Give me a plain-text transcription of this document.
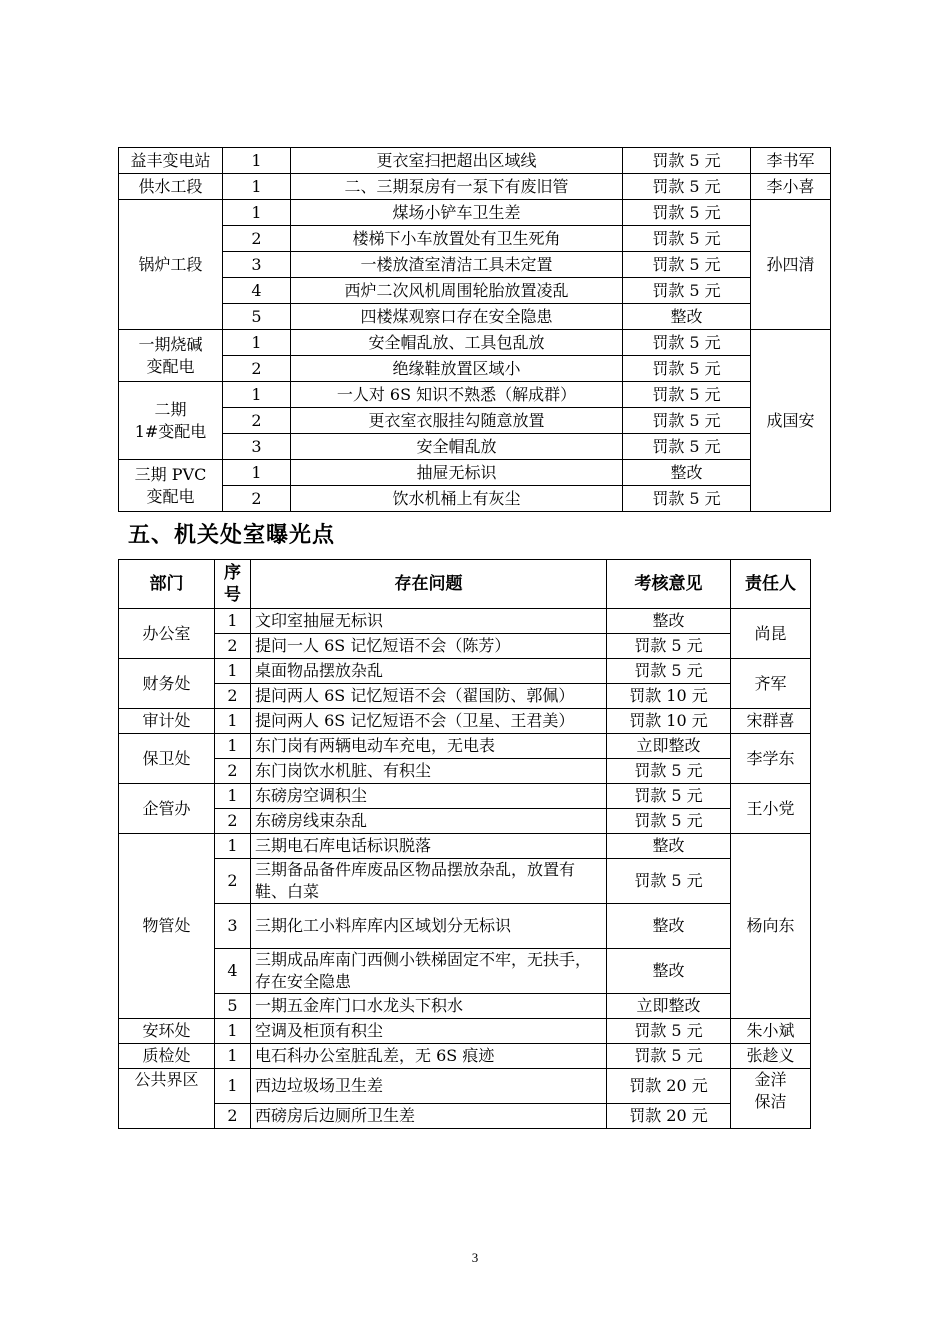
益丰变电站	1	更衣室扫把超出区域线	罚款 5 元	李书军
供水工段	1	二、三期泵房有一泵下有废旧管	罚款 5 元	李小喜
锅炉工段	1	煤场小铲车卫生差	罚款 5 元	孙四清
	2	楼梯下小车放置处有卫生死角	罚款 5 元	
	3	一楼放渣室清洁工具未定置	罚款 5 元	
	4	西炉二次风机周围轮胎放置凌乱	罚款 5 元	
	5	四楼煤观察口存在安全隐患	整改	

一期烧碱
变配电	1	安全帽乱放、工具包乱放	罚款 5 元	成国安
	2	绝缘鞋放置区域小	罚款 5 元	

二期
1#变配电	1	一人对 6S 知识不熟悉（解成群）	罚款 5 元	
	2	更衣室衣服挂勾随意放置	罚款 5 元	
	3	安全帽乱放	罚款 5 元	

三期 PVC
变配电	1	抽屉无标识	整改	
	2	饮水机桶上有灰尘	罚款 5 元	
五、机关处室曝光点
部门	序
号	存在问题	考核意见	责任人
办公室	1	文印室抽屉无标识	整改	尚昆
	2	提问一人 6S 记忆短语不会（陈芳）	罚款 5 元	
财务处	1	桌面物品摆放杂乱	罚款 5 元	齐军
	2	提问两人 6S 记忆短语不会（翟国防、郭佩）	罚款 10 元	
审计处	1	提问两人 6S 记忆短语不会（卫星、王君美）	罚款 10 元	宋群喜
保卫处	1	东门岗有两辆电动车充电，无电表	立即整改	李学东
	2	东门岗饮水机脏、有积尘	罚款 5 元	
企管办	1	东磅房空调积尘	罚款 5 元	王小党
	2	东磅房线束杂乱	罚款 5 元	
物管处	1	三期电石库电话标识脱落	整改	杨向东
	2	三期备品备件库废品区物品摆放杂乱，放置有鞋、白菜	罚款 5 元	
	3	三期化工小料库库内区域划分无标识	整改	
	4	三期成品库南门西侧小铁梯固定不牢，无扶手，存在安全隐患	整改	
	5	一期五金库门口水龙头下积水	立即整改	
安环处	1	空调及柜顶有积尘	罚款 5 元	朱小斌
质检处	1	电石科办公室脏乱差，无 6S 痕迹	罚款 5 元	张趁义
公共界区	1	西边垃圾场卫生差	罚款 20 元	金洋
保洁

	2	西磅房后边厕所卫生差	罚款 20 元	
3
